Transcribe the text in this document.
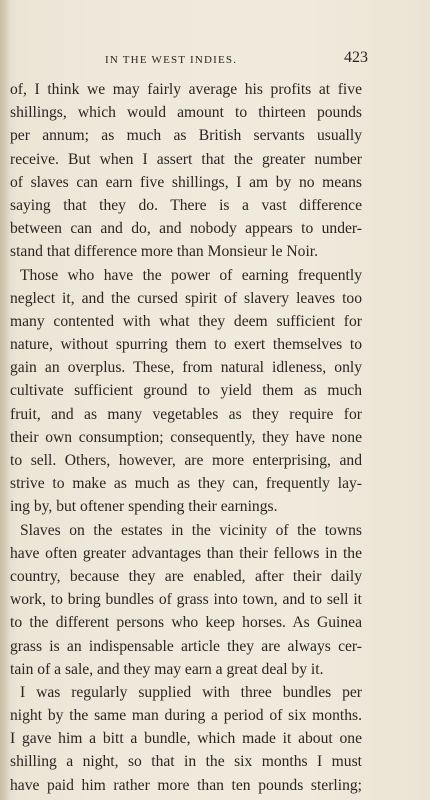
IN THE WEST INDIES.	423
of, I think we may fairly average his profits at five
shillings, which would amount to thirteen pounds
per annum; as much as British servants usually
receive. But when I assert that the greater number
of slaves can earn five shillings, I am by no means
saying that they do. There is a vast difference
between can and do, and nobody appears to under-
stand that difference more than Monsieur le Noir.
Those who have the power of earning frequently
neglect it, and the cursed spirit of slavery leaves too
many contented with what they deem sufficient for
nature, without spurring them to exert themselves to
gain an overplus. These, from natural idleness, only
cultivate sufficient ground to yield them as much
fruit, and as many vegetables as they require for
their own consumption; consequently, they have none
to sell. Others, however, are more enterprising, and
strive to make as much as they can, frequently lay-
ing by, but oftener spending their earnings.
Slaves on the estates in the vicinity of the towns
have often greater advantages than their fellows in the
country, because they are enabled, after their daily
work, to bring bundles of grass into town, and to sell it
to the different persons who keep horses. As Guinea
grass is an indispensable article they are always cer-
tain of a sale, and they may earn a great deal by it.
I was regularly supplied with three bundles per
night by the same man during a period of six months.
I gave him a bitt a bundle, which made it about one
shilling a night, so that in the six months I must
have paid him rather more than ten pounds sterling;
